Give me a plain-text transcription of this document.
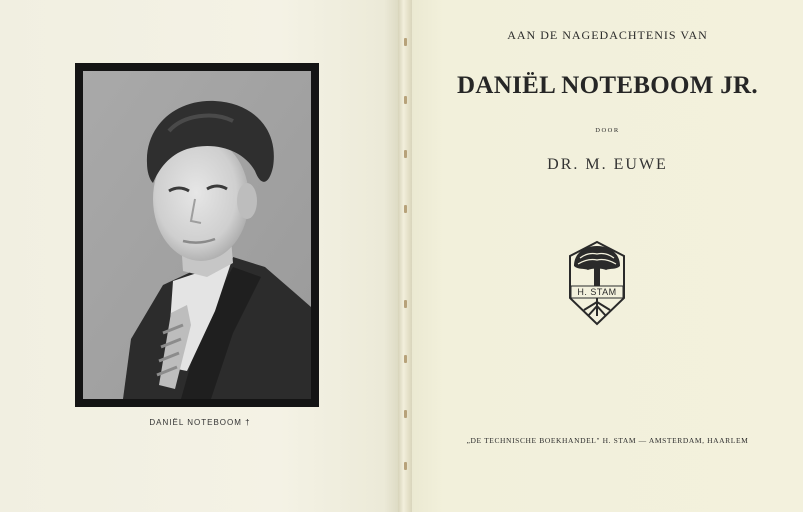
DANIËL NOTEBOOM †
AAN DE NAGEDACHTENIS VAN
DANIËL NOTEBOOM JR.
DOOR
DR. M. EUWE
H. STAM
„DE TECHNISCHE BOEKHANDEL" H. STAM — AMSTERDAM, HAARLEM
